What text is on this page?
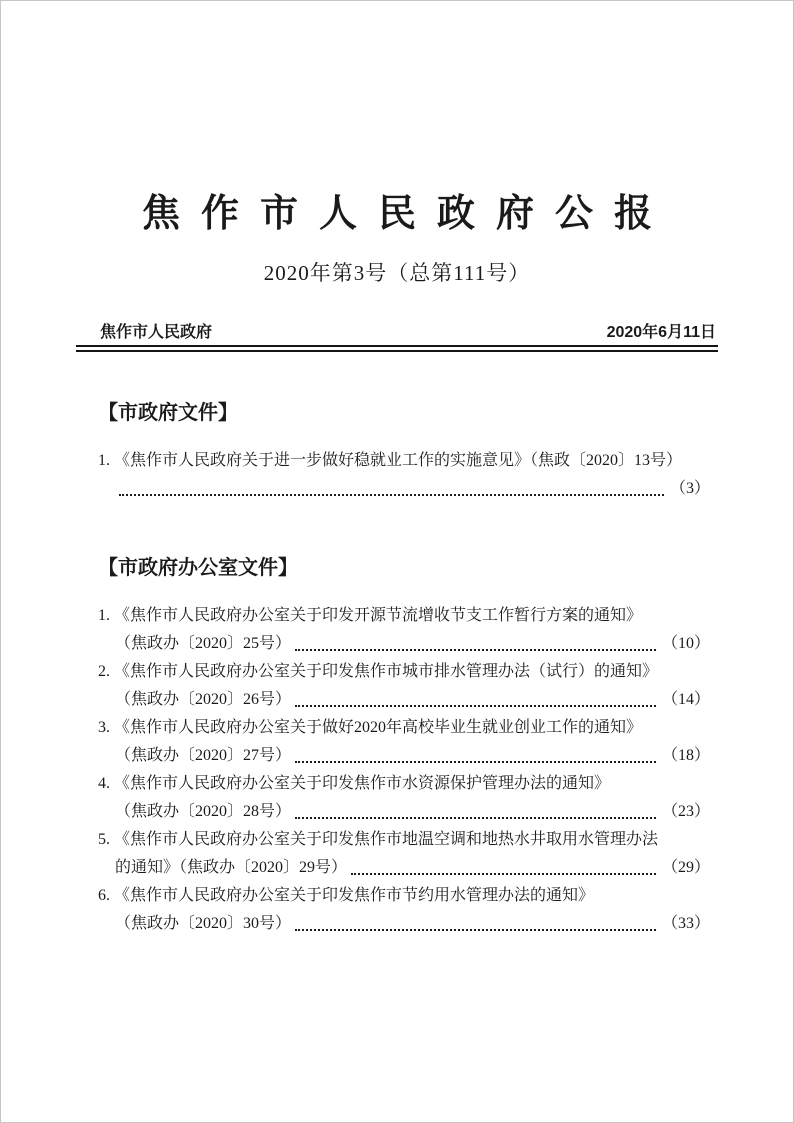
焦作市人民政府公报
2020年第3号（总第111号）
焦作市人民政府	2020年6月11日
【市政府文件】
1. 《焦作市人民政府关于进一步做好稳就业工作的实施意见》（焦政〔2020〕13号）
（3）
【市政府办公室文件】
1. 《焦作市人民政府办公室关于印发开源节流增收节支工作暂行方案的通知》
（焦政办〔2020〕25号）	（10）
2. 《焦作市人民政府办公室关于印发焦作市城市排水管理办法（试行）的通知》
（焦政办〔2020〕26号）	（14）
3. 《焦作市人民政府办公室关于做好2020年高校毕业生就业创业工作的通知》
（焦政办〔2020〕27号）	（18）
4. 《焦作市人民政府办公室关于印发焦作市水资源保护管理办法的通知》
（焦政办〔2020〕28号）	（23）
5. 《焦作市人民政府办公室关于印发焦作市地温空调和地热水井取用水管理办法
的通知》（焦政办〔2020〕29号）	（29）
6. 《焦作市人民政府办公室关于印发焦作市节约用水管理办法的通知》
（焦政办〔2020〕30号）	（33）
